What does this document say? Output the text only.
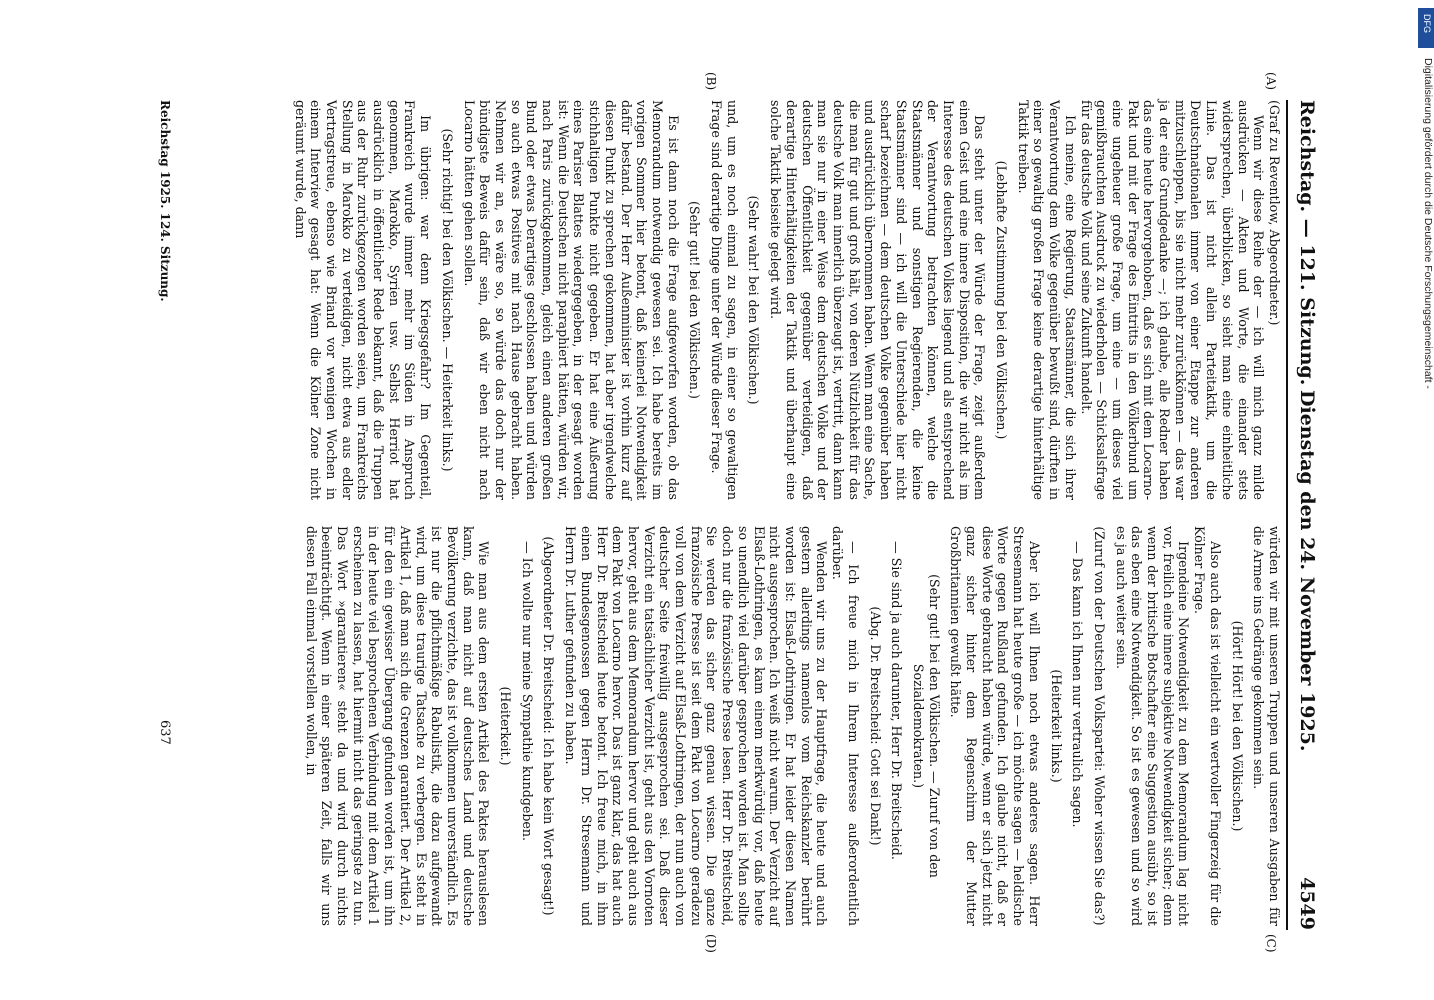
Reichstag. — 121. Sitzung.
Dienstag den 24. November 1925.
4549
(A)
(B)
(C)
(D)

(Graf zu Reventlow, Abgeordneter.)

Wenn wir diese Reihe der — ich will mich ganz milde ausdrücken — Akten und Worte, die einander stets widersprechen, überblicken, so sieht man eine einheitliche Linie. Das ist nicht allein Parteitaktik, um die Deutschnationalen immer von einer Etappe zur anderen mitzuschleppen, bis sie nicht mehr zurückkönnen — das war ja der eine Grundgedanke —; ich glaube, alle Redner haben das eine heute hervorgehoben, daß es sich mit dem Locarno-Pakt und mit der Frage des Eintritts in den Völkerbund um eine ungeheuer große Frage, um eine — um dieses viel gemißbrauchten Ausdruck zu wiederholen — Schicksalsfrage für das deutsche Volk und seine Zukunft handelt.

Ich meine, eine Regierung, Staatsmänner, die sich ihrer Verantwortung dem Volke gegenüber bewußt sind, dürften in einer so gewaltig großen Frage keine derartige hinterhältige Taktik treiben.

(Lebhafte Zustimmung bei den Völkischen.)

Das steht unter der Würde der Frage, zeigt außerdem einen Geist und eine innere Disposition, die wir nicht als im Interesse des deutschen Volkes liegend und als entsprechend der Verantwortung betrachten können, welche die Staatsmänner und sonstigen Regierenden, die keine Staatsmänner sind — ich will die Unterschiede hier nicht scharf bezeichnen — dem deutschen Volke gegenüber haben und ausdrücklich übernommen haben. Wenn man eine Sache, die man für gut und groß hält, von deren Nützlichkeit für das deutsche Volk man innerlich überzeugt ist, vertritt, dann kann man sie nur in einer Weise dem deutschen Volke und der deutschen Öffentlichkeit gegenüber verteidigen, daß derartige Hinterhältigkeiten der Taktik und überhaupt eine solche Taktik beiseite gelegt wird.

(Sehr wahr! bei den Völkischen.)

und, um es noch einmal zu sagen, in einer so gewaltigen Frage sind derartige Dinge unter der Würde dieser Frage.

(Sehr gut! bei den Völkischen.)

Es ist dann noch die Frage aufgeworfen worden, ob das Memorandum notwendig gewesen sei. Ich habe bereits im vorigen Sommer hier betont, daß keinerlei Notwendigkeit dafür bestand. Der Herr Außenminister ist vorhin kurz auf diesen Punkt zu sprechen gekommen, hat aber irgendwelche stichhaltigen Punkte nicht gegeben. Er hat eine Äußerung eines Pariser Blattes wiedergegeben, in der gesagt worden ist: Wenn die Deutschen nicht paraphiert hätten, würden wir, nach Paris zurückgekommen, gleich einen anderen großen Bund oder etwas Derartiges geschlossen haben und würden so auch etwas Positives mit nach Hause gebracht haben. Nehmen wir an, es wäre so, so würde das doch nur der bündigste Beweis dafür sein, daß wir eben nicht nach Locarno hätten gehen sollen.

(Sehr richtig! bei den Völkischen. — Heiterkeit links.)

Im übrigen: war denn Kriegsgefahr? Im Gegenteil, Frankreich wurde immer mehr im Süden in Anspruch genommen, Marokko, Syrien usw. Selbst Herriot hat ausdrücklich in öffentlicher Rede bekannt, daß die Truppen aus der Ruhr zurückgezogen worden seien, um Frankreichs Stellung in Marokko zu verteidigen, nicht etwa aus edler Vertragstreue, ebenso wie Briand vor wenigen Wochen in einem Interview gesagt hat: Wenn die Kölner Zone nicht geräumt wurde, dann

würden wir mit unseren Truppen und unseren Ausgaben für die Armee ins Gedränge gekommen sein.

(Hört! Hört! bei den Völkischen.)

Also auch das ist vielleicht ein wertvoller Fingerzeig für die Kölner Frage.

Irgendeine Notwendigkeit zu dem Memorandum lag nicht vor, freilich eine innere subjektive Notwendigkeit sicher; denn wenn der britische Botschafter eine Suggestion ausübt, so ist das eben eine Notwendigkeit. So ist es gewesen und so wird es ja auch weiter sein.

(Zuruf von der Deutschen Volkspartei: Woher wissen Sie das?)

— Das kann ich Ihnen nur vertraulich sagen.

(Heiterkeit links.)

Aber ich will Ihnen noch etwas anderes sagen. Herr Stresemann hat heute große — ich möchte sagen — heldische Worte gegen Rußland gefunden. Ich glaube nicht, daß er diese Worte gebraucht haben würde, wenn er sich jetzt nicht ganz sicher hinter dem Regenschirm der Mutter Großbritannien gewußt hätte.

(Sehr gut! bei den Völkischen. — Zuruf von den Sozialdemokraten.)

— Sie sind ja auch darunter, Herr Dr. Breitscheid.

(Abg. Dr. Breitscheid: Gott sei Dank!)

— Ich freue mich in Ihrem Interesse außerordentlich darüber.

Wenden wir uns zu der Hauptfrage, die heute und auch gestern allerdings namenlos vom Reichskanzler berührt worden ist: Elsaß-Lothringen. Er hat leider diesen Namen nicht ausgesprochen. Ich weiß nicht warum. Der Verzicht auf Elsaß-Lothringen, es kam einem merkwürdig vor, daß heute so unendlich viel darüber gesprochen worden ist. Man sollte doch nur die französische Presse lesen. Herr Dr. Breitscheid, Sie werden das sicher ganz genau wissen. Die ganze französische Presse ist seit dem Pakt von Locarno geradezu voll von dem Verzicht auf Elsaß-Lothringen, der nun auch von deutscher Seite freiwillig ausgesprochen sei. Daß dieser Verzicht ein tatsächlicher Verzicht ist, geht aus den Vornoten hervor, geht aus dem Memorandum hervor und geht auch aus dem Pakt von Locarno hervor. Das ist ganz klar, das hat auch Herr Dr. Breitscheid heute betont. Ich freue mich, in ihm einen Bundesgenossen gegen Herrn Dr. Stresemann und Herrn Dr. Luther gefunden zu haben.

(Abgeordneter Dr. Breitscheid: Ich habe kein Wort gesagt!)

— Ich wollte nur meine Sympathie kundgeben.

(Heiterkeit.)

Wie man aus dem ersten Artikel des Paktes herauslesen kann, daß man nicht auf deutsches Land und deutsche Bevölkerung verzichte, das ist vollkommen unverständlich. Es ist nur die pflichtmäßige Rabulistik, die dazu aufgewandt wird, um diese traurige Tatsache zu verbergen. Es steht in Artikel 1, daß man sich die Grenzen garantiert. Der Artikel 2, für den ein gewisser Übergang gefunden worden ist, um ihn in der heute viel besprochenen Verbindung mit dem Artikel 1 erscheinen zu lassen, hat hiermit nicht das geringste zu tun. Das Wort »garantieren« steht da und wird durch nichts beeinträchtigt. Wenn in einer späteren Zeit, falls wir uns diesen Fall einmal vorstellen wollen, in

Reichstag 1925. 124. Sitzung.
637
DFG
Digitalisierung gefördert durch die Deutsche Forschungsgemeinschaft -
